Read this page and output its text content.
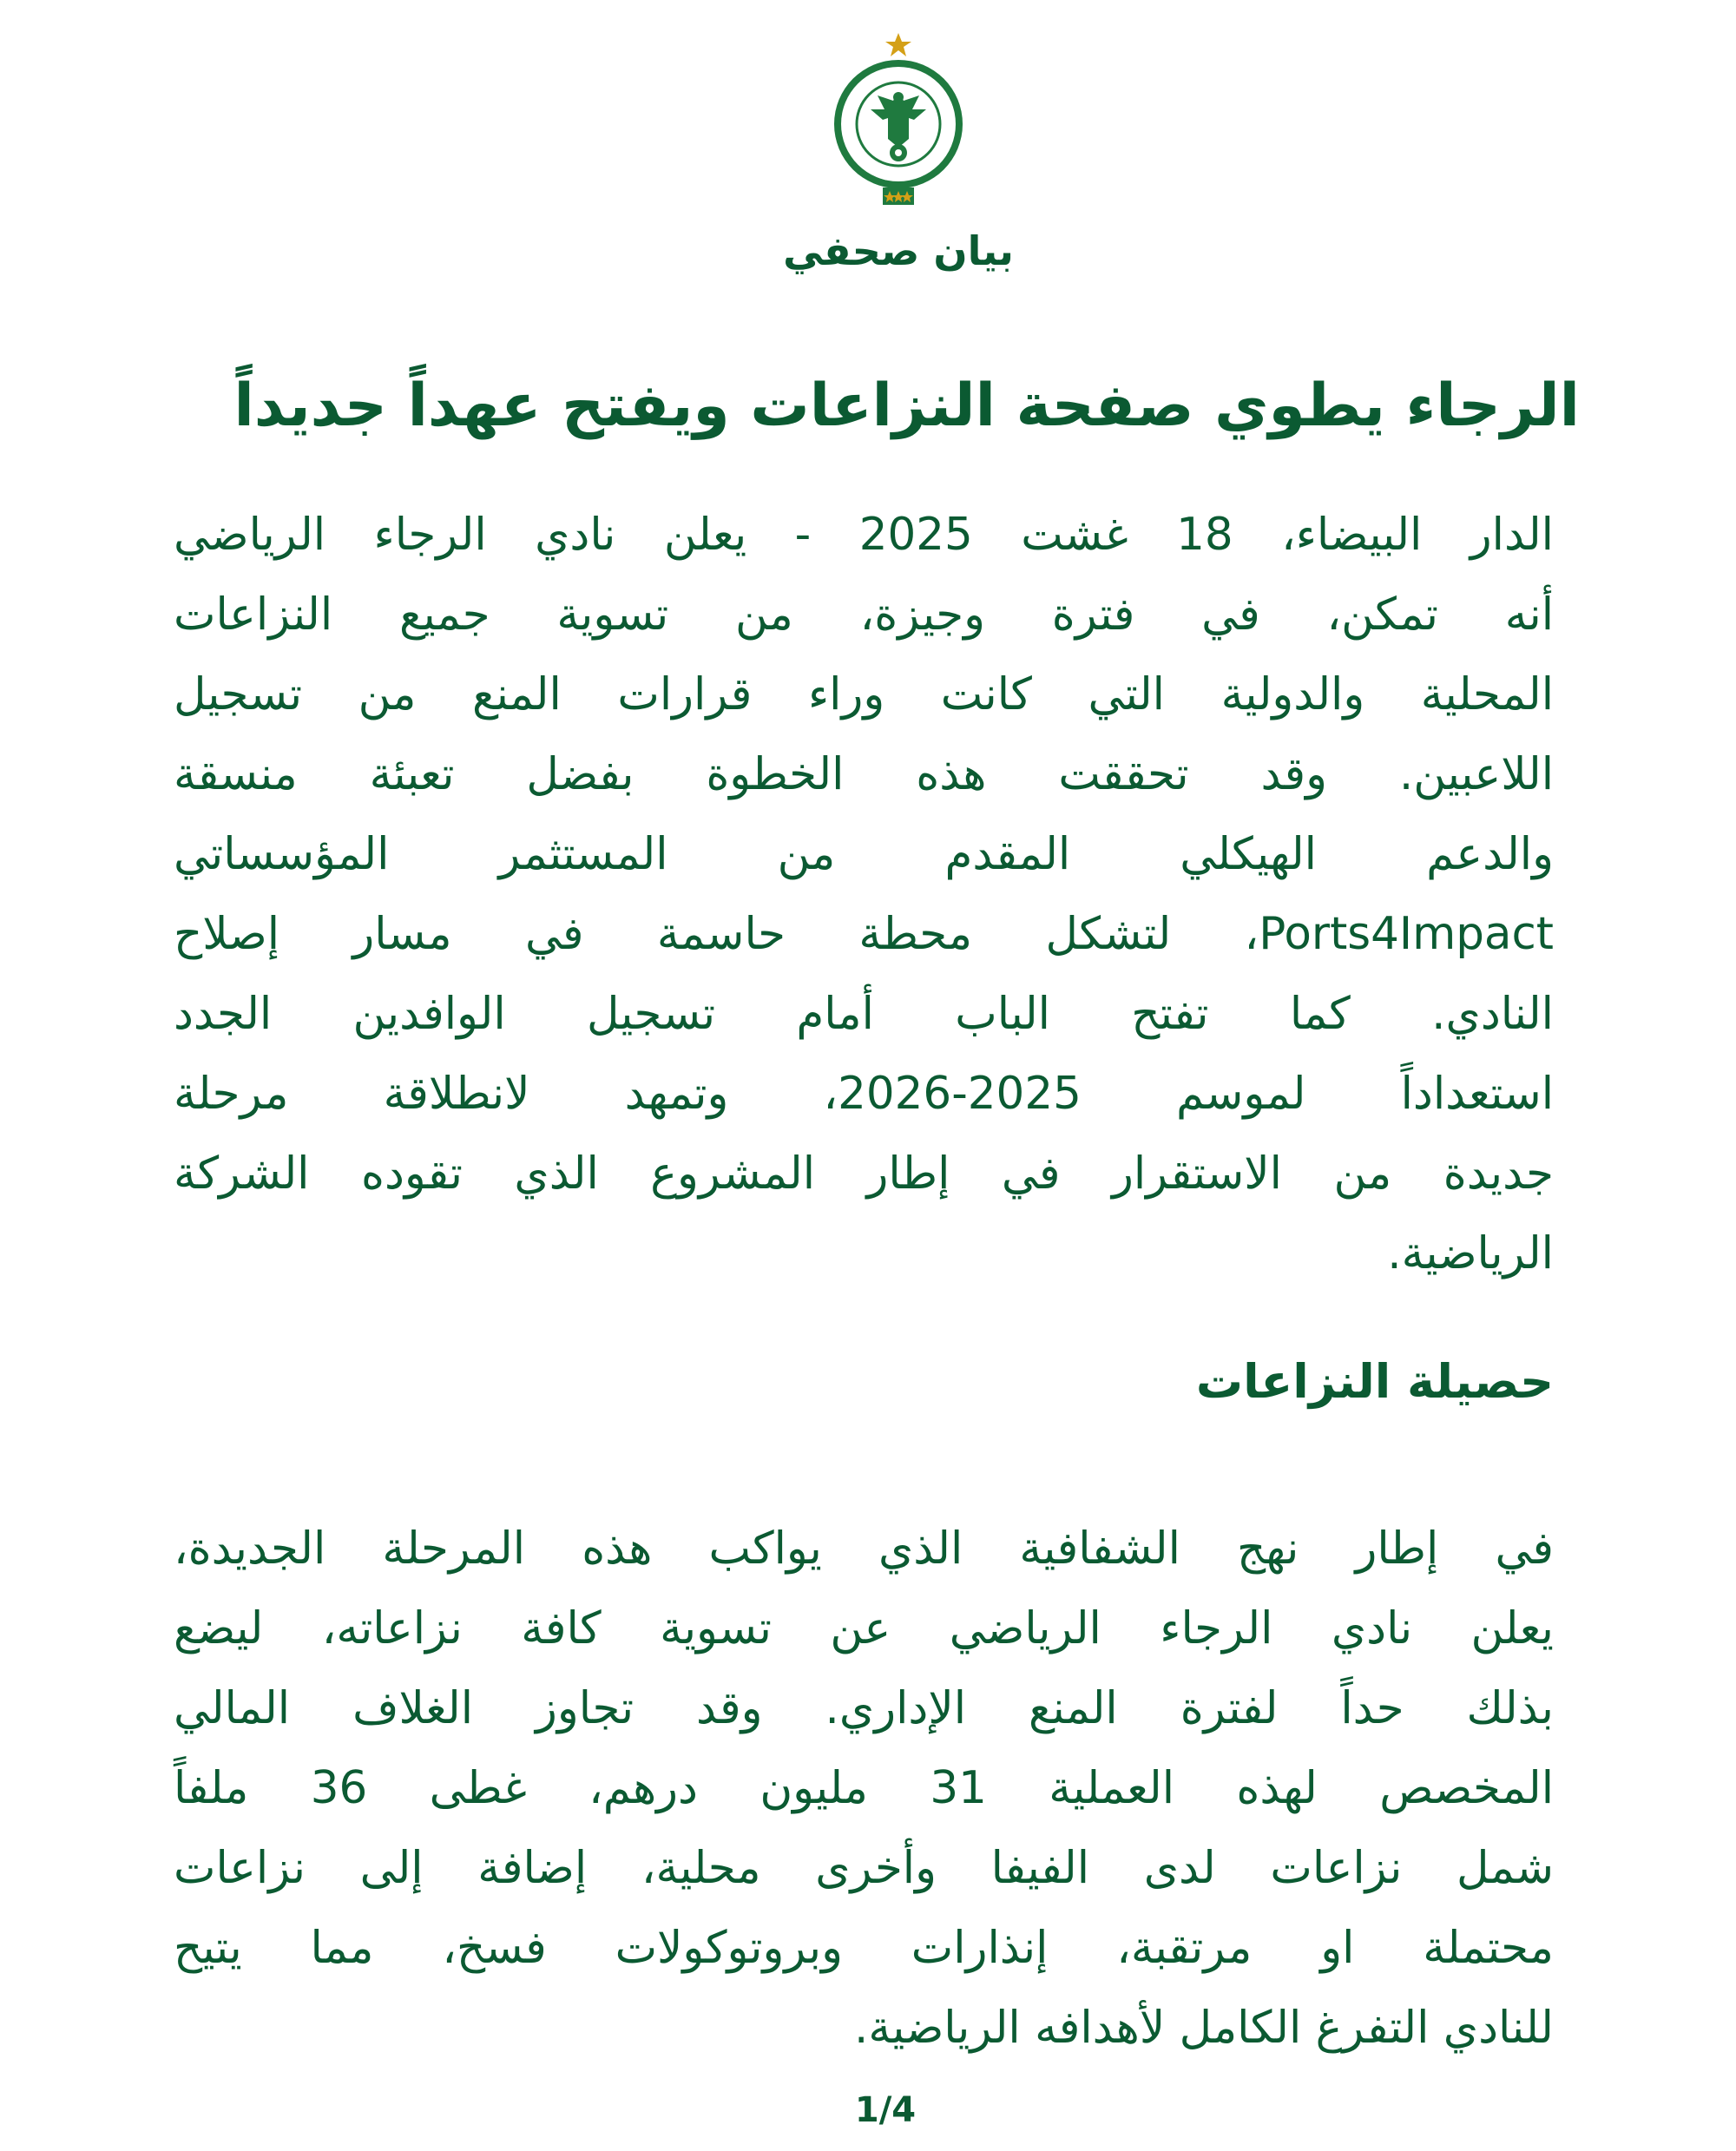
بيان صحفي
الرجاء يطوي صفحة النزاعات ويفتح عهداً جديداً
الدار البيضاء، 18 غشت 2025 - يعلن نادي الرجاء الرياضي
أنه تمكن، في فترة وجيزة، من تسوية جميع النزاعات
المحلية والدولية التي كانت وراء قرارات المنع من تسجيل
اللاعبين. وقد تحققت هذه الخطوة بفضل تعبئة منسقة
والدعم الهيكلي المقدم من المستثمر المؤسساتي
Ports4Impact، لتشكل محطة حاسمة في مسار إصلاح
النادي. كما تفتح الباب أمام تسجيل الوافدين الجدد
استعداداً لموسم 2025-2026، وتمهد لانطلاقة مرحلة
جديدة من الاستقرار في إطار المشروع الذي تقوده الشركة
الرياضية.
حصيلة النزاعات
في إطار نهج الشفافية الذي يواكب هذه المرحلة الجديدة،
يعلن نادي الرجاء الرياضي عن تسوية كافة نزاعاته، ليضع
بذلك حداً لفترة المنع الإداري. وقد تجاوز الغلاف المالي
المخصص لهذه العملية 31 مليون درهم، غطى 36 ملفاً
شمل نزاعات لدى الفيفا وأخرى محلية، إضافة إلى نزاعات
محتملة او مرتقبة، إنذارات وبروتوكولات فسخ، مما يتيح
للنادي التفرغ الكامل لأهدافه الرياضية.
1/4
